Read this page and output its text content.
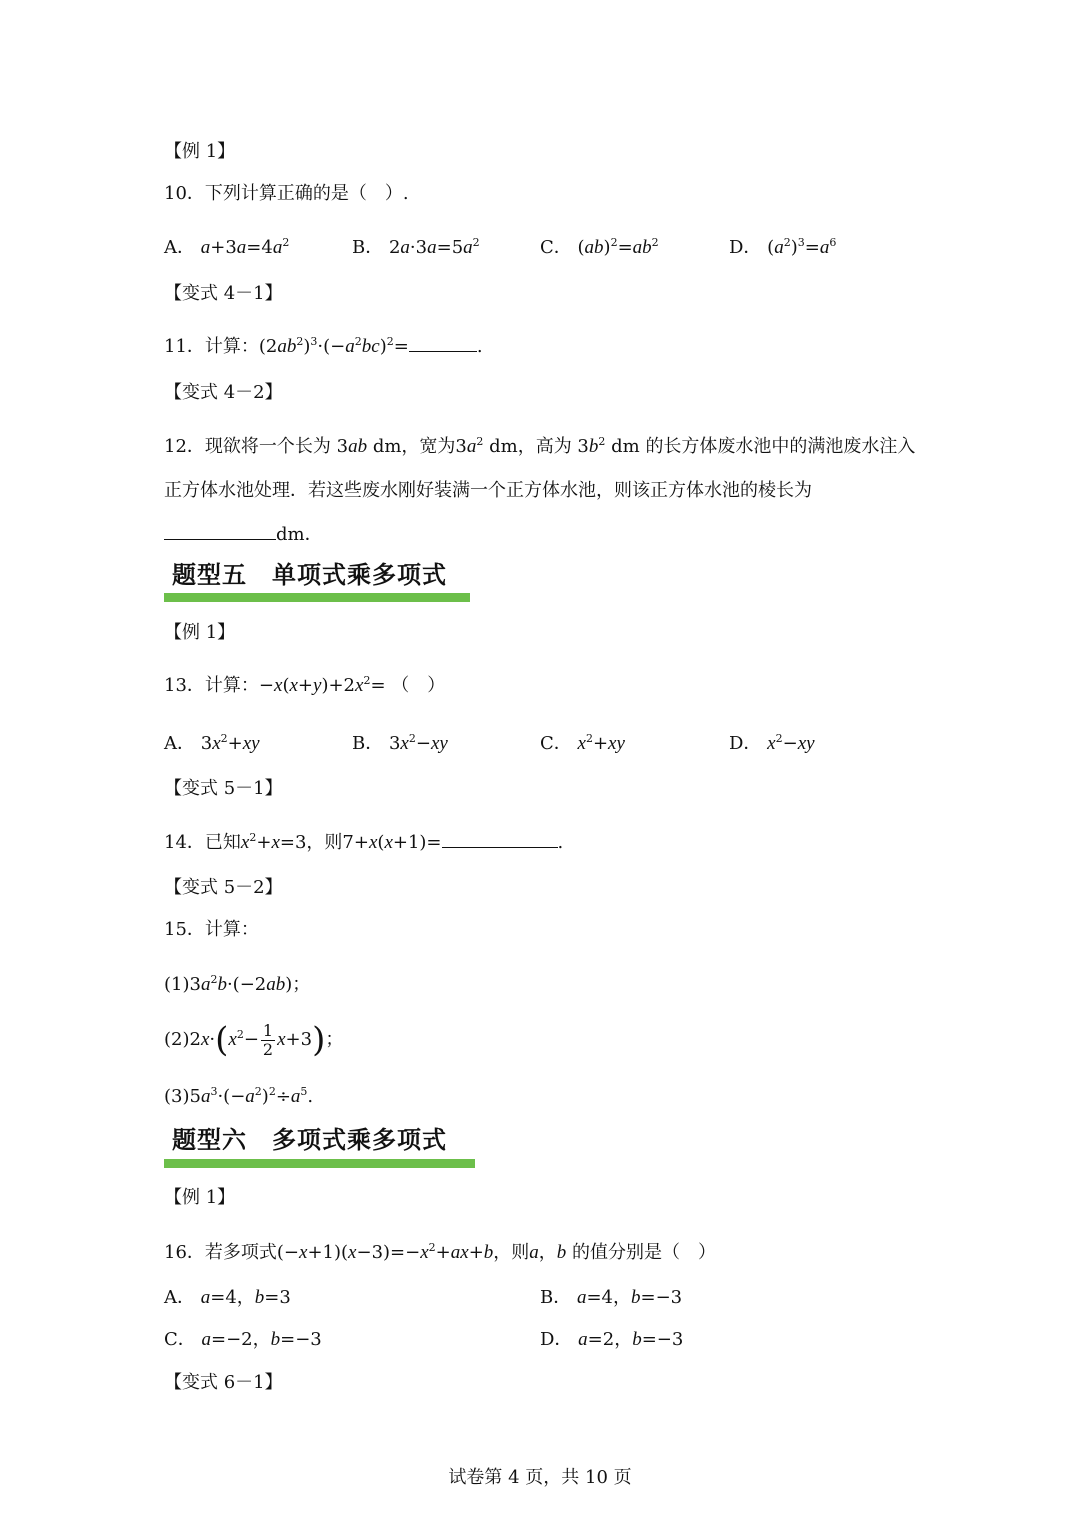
【例 1】
10．下列计算正确的是（　）.
A． $a+3a=4a^2$	B． $2a\cdot 3a=5a^2$	C． $(ab)^2=ab^2$	D． $(a^2)^3=a^6$
【变式 4－1】
11．计算：$(2ab^2)^3\cdot(-a^2bc)^2=$	.
【变式 4－2】
12．现欲将一个长为 3ab dm，宽为$3a^2$ dm，高为 $3b^2$ dm 的长方体废水池中的满池废水注入
正方体水池处理．若这些废水刚好装满一个正方体水池，则该正方体水池的棱长为
dm．
题型五　单项式乘多项式
【例 1】
13．计算：$-x(x+y)+2x^2=$ （　）
A． $3x^2+xy$	B． $3x^2-xy$	C． $x^2+xy$	D． $x^2-xy$
【变式 5－1】
14．已知$x^2+x=3$，则7+x(x+1)=	.
【变式 5－2】
15．计算：
$(1)3a^2b\cdot(-2ab)$；
$(2)2x\cdot(x^2- \frac{1}{2} x+3)$；
$(3)5a^3\cdot(-a^2)^2\div a^5$.
题型六　多项式乘多项式
【例 1】
16．若多项式$(-x+1)(x-3)=-x^2+ax+b$，则a，b 的值分别是（　）
A． a=4，b=3	B． a=4，b=−3
C． a=−2，b=−3	D． a=2，b=−3
【变式 6－1】
试卷第 4 页，共 10 页
